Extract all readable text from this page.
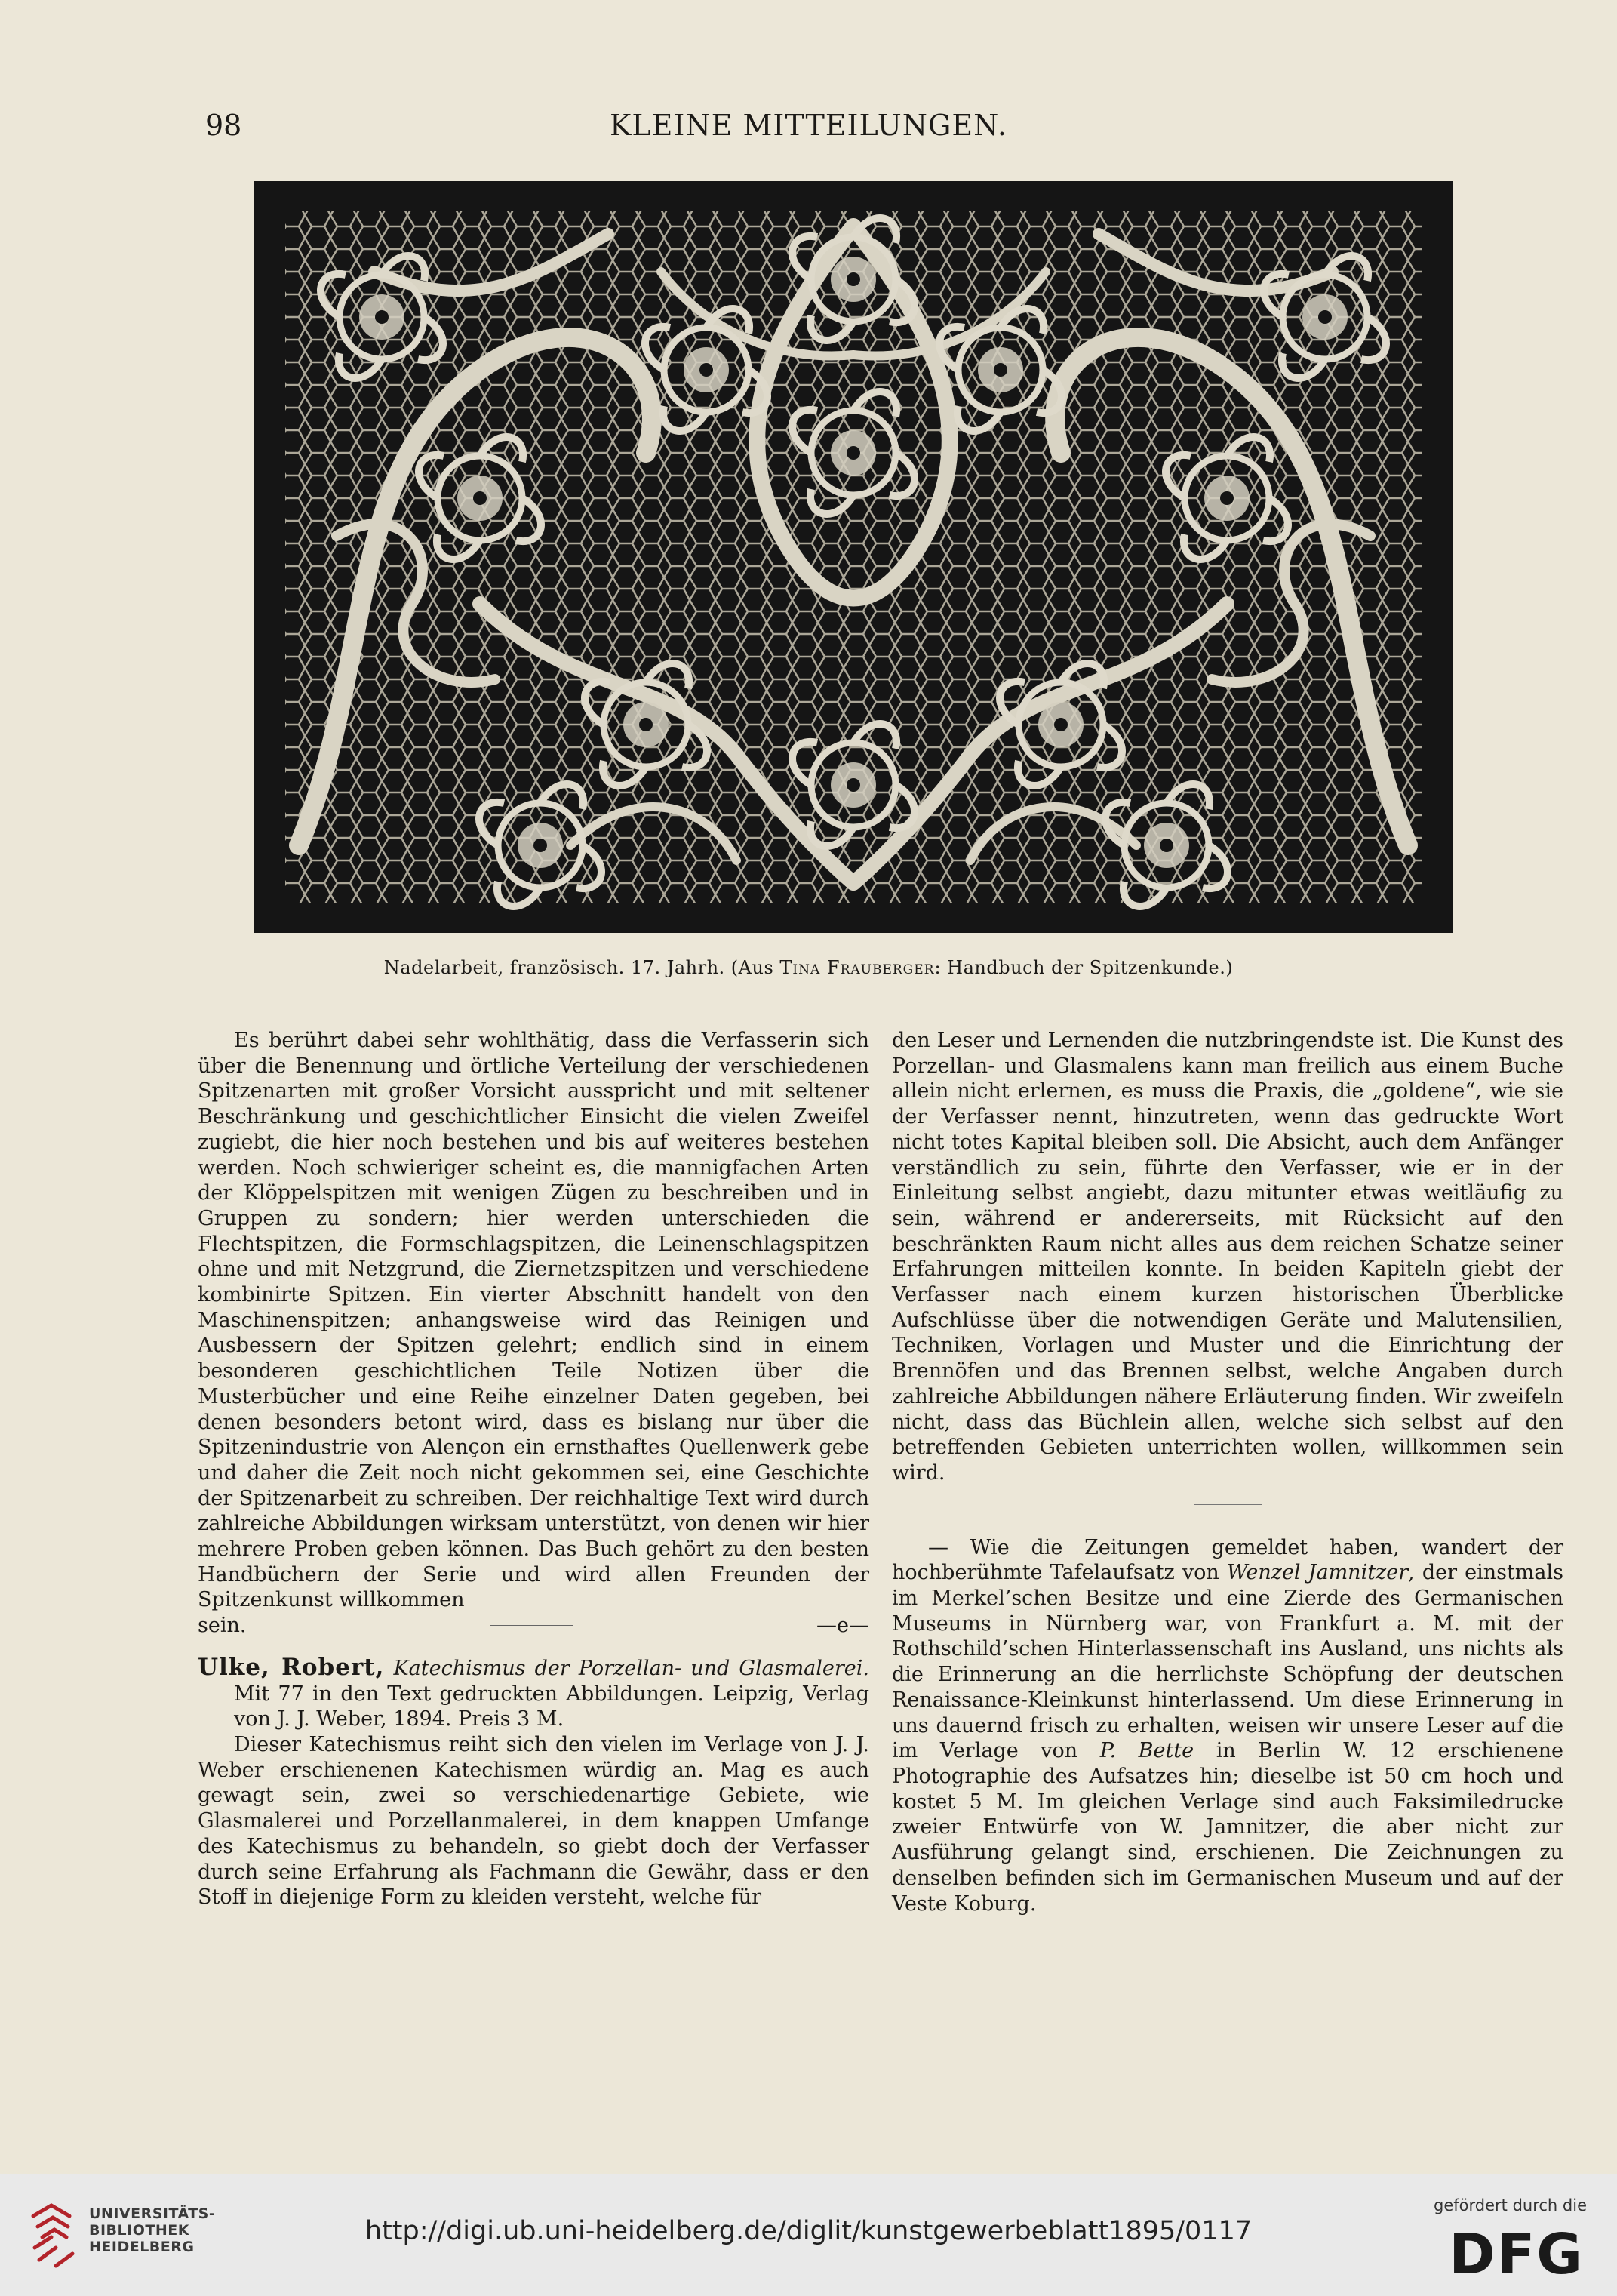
98	KLEINE MITTEILUNGEN.
Nadelarbeit, französisch. 17. Jahrh. (Aus Tina Frauberger: Handbuch der Spitzenkunde.)

Es berührt dabei sehr wohlthätig, dass die Verfasserin sich über die Benennung und örtliche Verteilung der verschiedenen Spitzenarten mit großer Vorsicht ausspricht und mit seltener Beschränkung und geschichtlicher Einsicht die vielen Zweifel zugiebt, die hier noch bestehen und bis auf weiteres bestehen werden. Noch schwieriger scheint es, die mannigfachen Arten der Klöppelspitzen mit wenigen Zügen zu beschreiben und in Gruppen zu sondern; hier werden unterschieden die Flechtspitzen, die Formschlagspitzen, die Leinenschlagspitzen ohne und mit Netzgrund, die Ziernetzspitzen und verschiedene kombinirte Spitzen. Ein vierter Abschnitt handelt von den Maschinenspitzen; anhangsweise wird das Reinigen und Ausbessern der Spitzen gelehrt; endlich sind in einem besonderen geschichtlichen Teile Notizen über die Musterbücher und eine Reihe einzelner Daten gegeben, bei denen besonders betont wird, dass es bislang nur über die Spitzenindustrie von Alençon ein ernsthaftes Quellenwerk gebe und daher die Zeit noch nicht gekommen sei, eine Geschichte der Spitzenarbeit zu schreiben. Der reichhaltige Text wird durch zahlreiche Abbildungen wirksam unterstützt, von denen wir hier mehrere Proben geben können. Das Buch gehört zu den besten Handbüchern der Serie und wird allen Freunden der Spitzenkunst willkommen

sein.	—e—

Ulke, Robert, Katechismus der Porzellan- und Glasmalerei. Mit 77 in den Text gedruckten Abbildungen. Leipzig, Verlag von J. J. Weber, 1894. Preis 3 M.

Dieser Katechismus reiht sich den vielen im Verlage von J. J. Weber erschienenen Katechismen würdig an. Mag es auch gewagt sein, zwei so verschiedenartige Gebiete, wie Glasmalerei und Porzellanmalerei, in dem knappen Umfange des Katechismus zu behandeln, so giebt doch der Verfasser durch seine Erfahrung als Fachmann die Gewähr, dass er den Stoff in diejenige Form zu kleiden versteht, welche für

den Leser und Lernenden die nutzbringendste ist. Die Kunst des Porzellan- und Glasmalens kann man freilich aus einem Buche allein nicht erlernen, es muss die Praxis, die „goldene“, wie sie der Verfasser nennt, hinzutreten, wenn das gedruckte Wort nicht totes Kapital bleiben soll. Die Absicht, auch dem Anfänger verständlich zu sein, führte den Verfasser, wie er in der Einleitung selbst angiebt, dazu mitunter etwas weitläufig zu sein, während er andererseits, mit Rücksicht auf den beschränkten Raum nicht alles aus dem reichen Schatze seiner Erfahrungen mitteilen konnte. In beiden Kapiteln giebt der Verfasser nach einem kurzen historischen Überblicke Aufschlüsse über die notwendigen Geräte und Malutensilien, Techniken, Vorlagen und Muster und die Einrichtung der Brennöfen und das Brennen selbst, welche Angaben durch zahlreiche Abbildungen nähere Erläuterung finden. Wir zweifeln nicht, dass das Büchlein allen, welche sich selbst auf den betreffenden Gebieten unterrichten wollen, willkommen sein wird.

— Wie die Zeitungen gemeldet haben, wandert der hochberühmte Tafelaufsatz von Wenzel Jamnitzer, der einstmals im Merkel’schen Besitze und eine Zierde des Germanischen Museums in Nürnberg war, von Frankfurt a. M. mit der Rothschild’schen Hinterlassenschaft ins Ausland, uns nichts als die Erinnerung an die herrlichste Schöpfung der deutschen Renaissance-Kleinkunst hinterlassend. Um diese Erinnerung in uns dauernd frisch zu erhalten, weisen wir unsere Leser auf die im Verlage von P. Bette in Berlin W. 12 erschienene Photographie des Aufsatzes hin; dieselbe ist 50 cm hoch und kostet 5 M. Im gleichen Verlage sind auch Faksimiledrucke zweier Entwürfe von W. Jamnitzer, die aber nicht zur Ausführung gelangt sind, erschienen. Die Zeichnungen zu denselben befinden sich im Germanischen Museum und auf der Veste Koburg.

UNIVERSITÄTS-
BIBLIOTHEK
HEIDELBERG
http://digi.ub.uni-heidelberg.de/diglit/kunstgewerbeblatt1895/0117
gefördert durch die
DFG
